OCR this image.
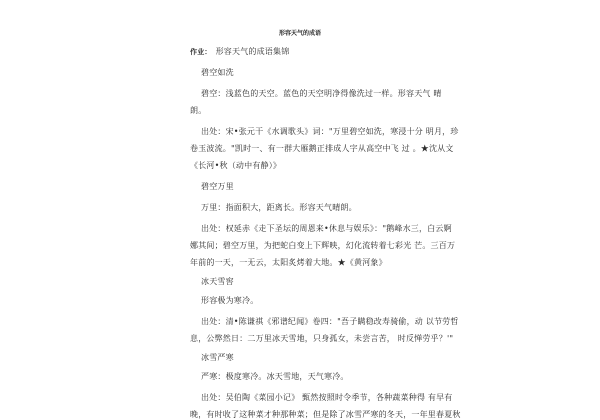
形容天气的成语
作业： 形容天气的成语集锦
碧空如洗
碧空：浅蓝色的天空。蓝色的天空明净得像洗过一样。形容天气 晴
朗。
出处：宋•张元干《水调歌头》词："万里碧空如洗，寒浸十分 明月，珍
卷玉波流。"凯时一、有一群大雁鹅正排成人字从高空中飞 过 。★沈从文
《长河•秋（动中有静）》
碧空万里
万里：指面积大，距离长。形容天气晴朗。
出处：权延赤《走下圣坛的周恩来•休息与娱乐》："鹅峰水三，白云婀
娜其间；碧空万里，为把蛇白变上下辉映，幻化流转着七彩光 芒。三百万
年前的一天，一无云，太阳炙烤着大地。★《黄河象》
冰天雪窖
形容极为寒冷。
出处：清•陈谦祺《邪谱纪闻》卷四："吾子瞒稳改寿骑偷，动 以节劳哲
息，公弊然日：二万里冰天雪地，只身孤女，未尝言苦， 时反惮劳乎？'"
冰雪严寒
严寒：极度寒冷。冰天雪地，天气寒冷。
出处：吴伯陶《菜园小记》 甄然按照时令季节，各种蔬菜种得 有早有
晚，有时收了这种菜才种那种菜；但是除了冰雪严寒的冬天，一年里春夏秋
